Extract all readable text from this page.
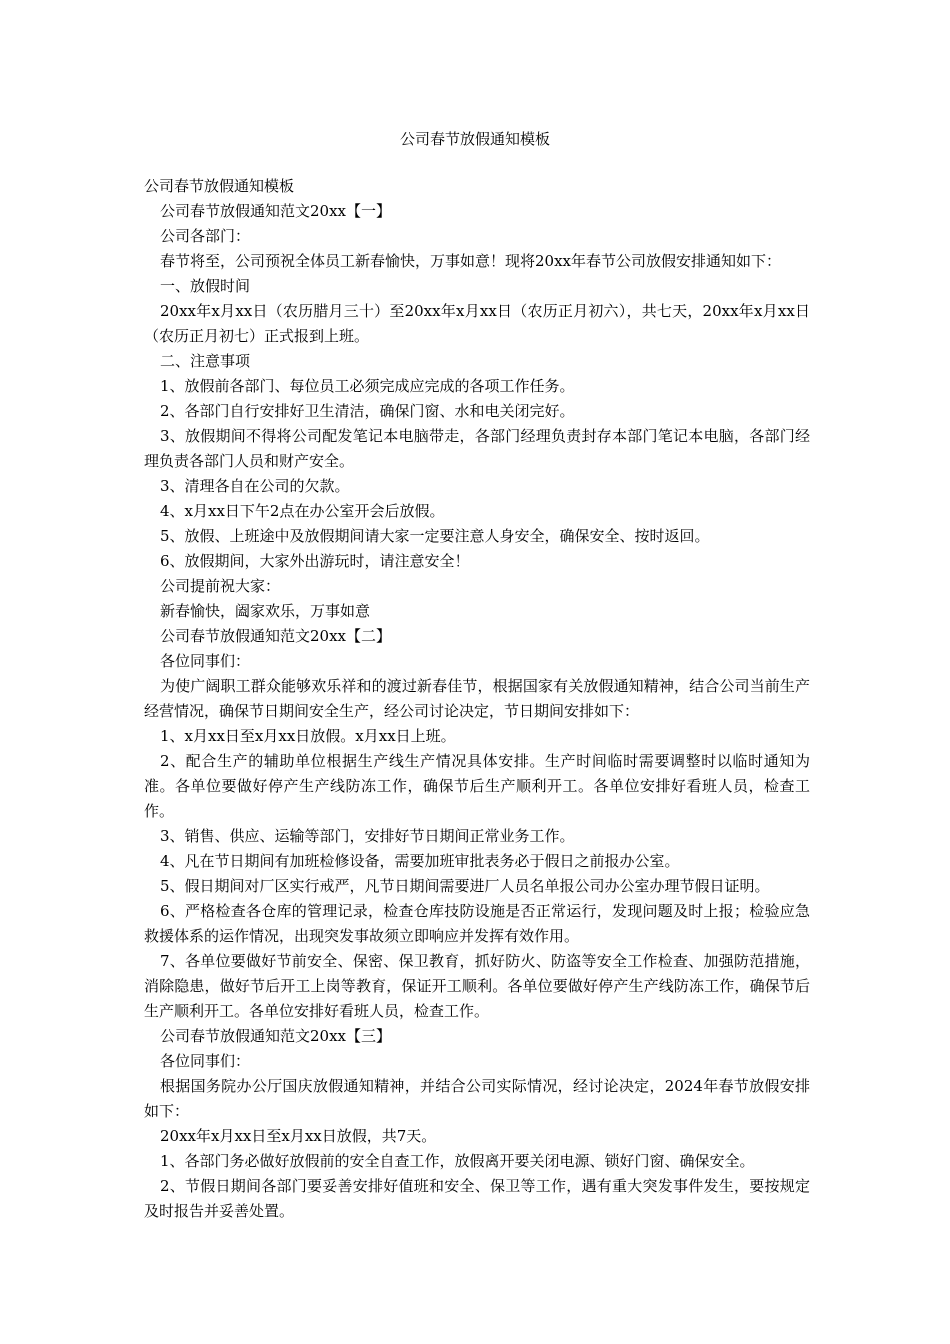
公司春节放假通知模板

公司春节放假通知模板

公司春节放假通知范文20xx【一】

公司各部门：

春节将至，公司预祝全体员工新春愉快，万事如意！现将20xx年春节公司放假安排通知如下：

一、放假时间

20xx年x月xx日（农历腊月三十）至20xx年x月xx日（农历正月初六），共七天，20xx年x月xx日（农历正月初七）正式报到上班。

二、注意事项

1、放假前各部门、每位员工必须完成应完成的各项工作任务。

2、各部门自行安排好卫生清洁，确保门窗、水和电关闭完好。

3、放假期间不得将公司配发笔记本电脑带走，各部门经理负责封存本部门笔记本电脑，各部门经理负责各部门人员和财产安全。

3、清理各自在公司的欠款。

4、x月xx日下午2点在办公室开会后放假。

5、放假、上班途中及放假期间请大家一定要注意人身安全，确保安全、按时返回。

6、放假期间，大家外出游玩时，请注意安全！

公司提前祝大家：

新春愉快，阖家欢乐，万事如意

公司春节放假通知范文20xx【二】

各位同事们：

为使广阔职工群众能够欢乐祥和的渡过新春佳节，根据国家有关放假通知精神，结合公司当前生产经营情况，确保节日期间安全生产，经公司讨论决定，节日期间安排如下：

1、x月xx日至x月xx日放假。x月xx日上班。

2、配合生产的辅助单位根据生产线生产情况具体安排。生产时间临时需要调整时以临时通知为准。各单位要做好停产生产线防冻工作，确保节后生产顺利开工。各单位安排好看班人员，检查工作。

3、销售、供应、运输等部门，安排好节日期间正常业务工作。

4、凡在节日期间有加班检修设备，需要加班审批表务必于假日之前报办公室。

5、假日期间对厂区实行戒严，凡节日期间需要进厂人员名单报公司办公室办理节假日证明。

6、严格检查各仓库的管理记录，检查仓库技防设施是否正常运行，发现问题及时上报；检验应急救援体系的运作情况，出现突发事故须立即响应并发挥有效作用。

7、各单位要做好节前安全、保密、保卫教育，抓好防火、防盗等安全工作检查、加强防范措施，消除隐患，做好节后开工上岗等教育，保证开工顺利。各单位要做好停产生产线防冻工作，确保节后生产顺利开工。各单位安排好看班人员，检查工作。

公司春节放假通知范文20xx【三】

各位同事们：

根据国务院办公厅国庆放假通知精神，并结合公司实际情况，经讨论决定，2024年春节放假安排如下：

20xx年x月xx日至x月xx日放假，共7天。

1、各部门务必做好放假前的安全自查工作，放假离开要关闭电源、锁好门窗、确保安全。

2、节假日期间各部门要妥善安排好值班和安全、保卫等工作，遇有重大突发事件发生，要按规定及时报告并妥善处置。
